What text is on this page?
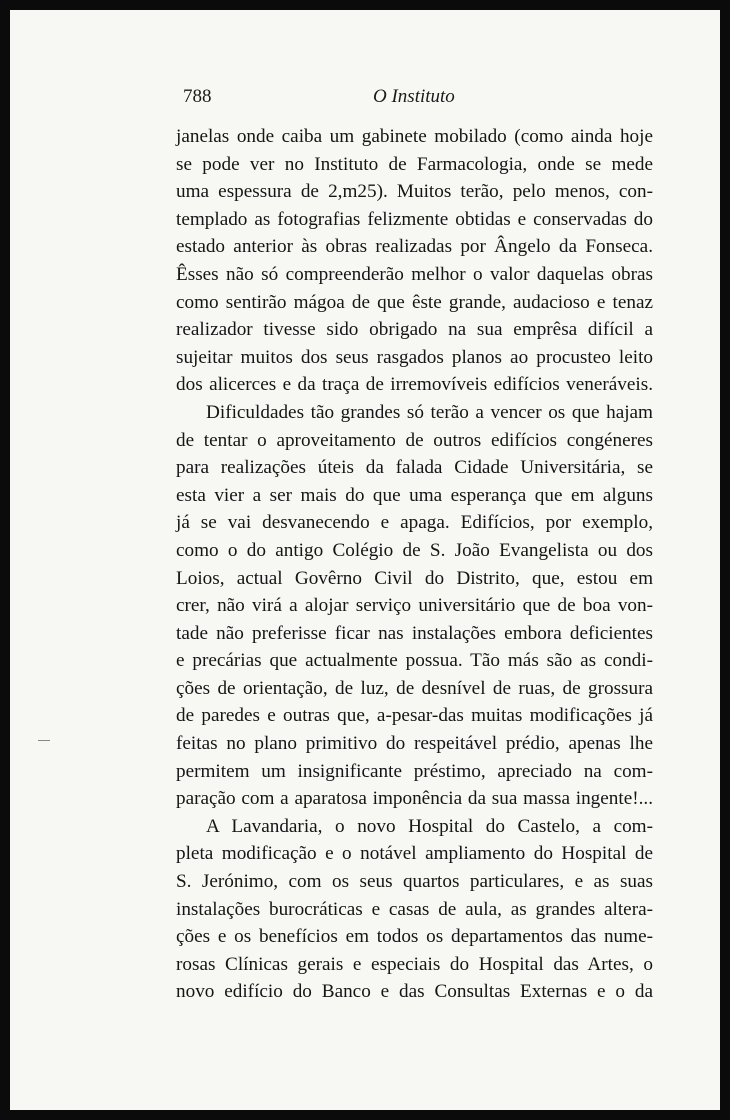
788	O Instituto
janelas onde caiba um gabinete mobilado (como ainda hoje
se pode ver no Instituto de Farmacologia, onde se mede
uma espessura de 2,m25). Muitos terão, pelo menos, con-
templado as fotografias felizmente obtidas e conservadas do
estado anterior às obras realizadas por Ângelo da Fonseca.
Êsses não só compreenderão melhor o valor daquelas obras
como sentirão mágoa de que êste grande, audacioso e tenaz
realizador tivesse sido obrigado na sua emprêsa difícil a
sujeitar muitos dos seus rasgados planos ao procusteo leito
dos alicerces e da traça de irremovíveis edifícios veneráveis.
Dificuldades tão grandes só terão a vencer os que hajam
de tentar o aproveitamento de outros edifícios congéneres
para realizações úteis da falada Cidade Universitária, se
esta vier a ser mais do que uma esperança que em alguns
já se vai desvanecendo e apaga. Edifícios, por exemplo,
como o do antigo Colégio de S. João Evangelista ou dos
Loios, actual Govêrno Civil do Distrito, que, estou em
crer, não virá a alojar serviço universitário que de boa von-
tade não preferisse ficar nas instalações embora deficientes
e precárias que actualmente possua. Tão más são as condi-
ções de orientação, de luz, de desnível de ruas, de grossura
de paredes e outras que, a-pesar-das muitas modificações já
feitas no plano primitivo do respeitável prédio, apenas lhe
permitem um insignificante préstimo, apreciado na com-
paração com a aparatosa imponência da sua massa ingente!...
A Lavandaria, o novo Hospital do Castelo, a com-
pleta modificação e o notável ampliamento do Hospital de
S. Jerónimo, com os seus quartos particulares, e as suas
instalações burocráticas e casas de aula, as grandes altera-
ções e os benefícios em todos os departamentos das nume-
rosas Clínicas gerais e especiais do Hospital das Artes, o
novo edifício do Banco e das Consultas Externas e o da
